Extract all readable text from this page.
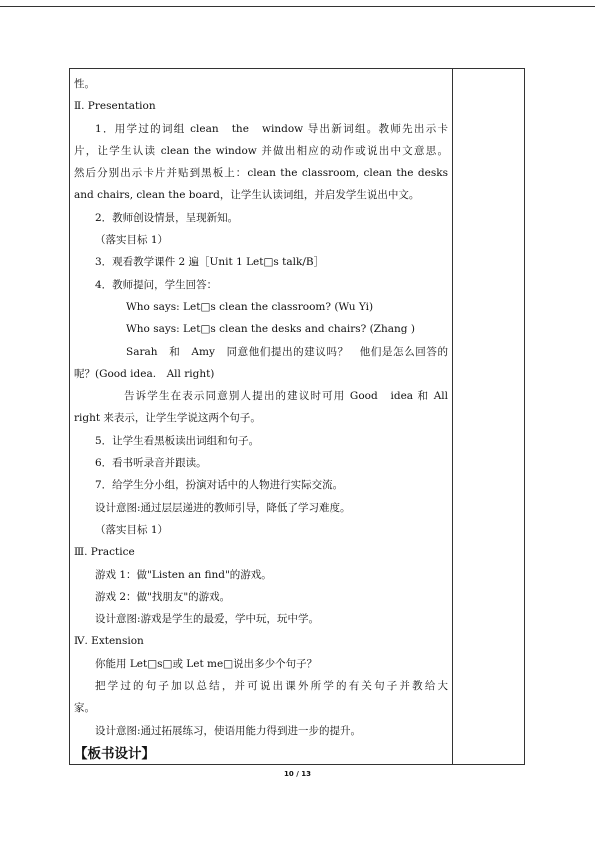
性。
Ⅱ. Presentation
1．用学过的词组 clean　the　window 导出新词组。教师先出示卡
片，让学生认读 clean the window 并做出相应的动作或说出中文意思。
然后分别出示卡片并贴到黑板上：clean the classroom, clean the desks
and chairs, clean the board，让学生认读词组，并启发学生说出中文。
2．教师创设情景，呈现新知。
（落实目标 1）
3．观看教学课件 2 遍［Unit 1 Let□s talk/B］
4．教师提问，学生回答：
Who says: Let□s clean the classroom? (Wu Yi)
Who says: Let□s clean the desks and chairs? (Zhang )
Sarah　和　Amy　同意他们提出的建议吗？　他们是怎么回答的
呢？(Good idea.　All right)
告诉学生在表示同意别人提出的建议时可用 Good　idea 和 All
right 来表示，让学生学说这两个句子。
5．让学生看黑板读出词组和句子。
6．看书听录音并跟读。
7．给学生分小组，扮演对话中的人物进行实际交流。
设计意图:通过层层递进的教师引导，降低了学习难度。
（落实目标 1）
Ⅲ. Practice
游戏 1：做"Listen an find"的游戏。
游戏 2：做"找朋友"的游戏。
设计意图:游戏是学生的最爱，学中玩，玩中学。
Ⅳ. Extension
你能用 Let□s□或 Let me□说出多少个句子？
把学过的句子加以总结，并可说出课外所学的有关句子并教给大
家。
设计意图:通过拓展练习，使语用能力得到进一步的提升。
【板书设计】
10 / 13
